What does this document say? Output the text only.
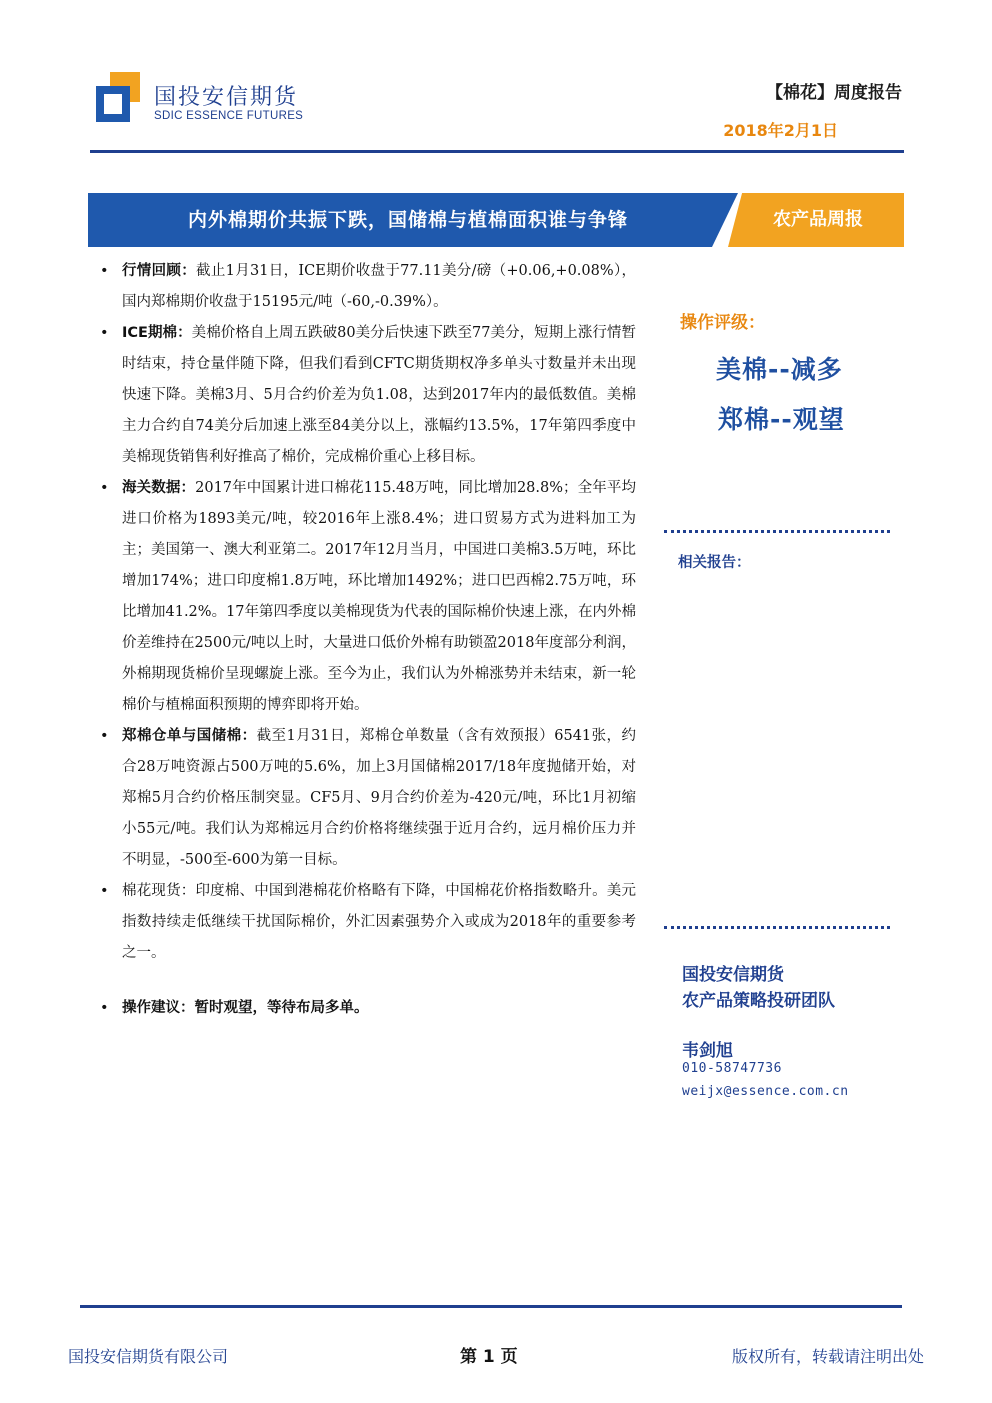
国投安信期货
SDIC ESSENCE FUTURES
【棉花】周度报告
2018年2月1日
内外棉期价共振下跌，国储棉与植棉面积谁与争锋	农产品周报
• 行情回顾：截止1月31日，ICE期价收盘于77.11美分/磅（+0.06,+0.08%），国内郑棉期价收盘于15195元/吨（-60,-0.39%）。
• ICE期棉：美棉价格自上周五跌破80美分后快速下跌至77美分，短期上涨行情暂时结束，持仓量伴随下降，但我们看到CFTC期货期权净多单头寸数量并未出现快速下降。美棉3月、5月合约价差为负1.08，达到2017年内的最低数值。美棉主力合约自74美分后加速上涨至84美分以上，涨幅约13.5%，17年第四季度中美棉现货销售利好推高了棉价，完成棉价重心上移目标。
• 海关数据：2017年中国累计进口棉花115.48万吨，同比增加28.8%；全年平均进口价格为1893美元/吨，较2016年上涨8.4%；进口贸易方式为进料加工为主；美国第一、澳大利亚第二。2017年12月当月，中国进口美棉3.5万吨，环比增加174%；进口印度棉1.8万吨，环比增加1492%；进口巴西棉2.75万吨，环比增加41.2%。17年第四季度以美棉现货为代表的国际棉价快速上涨，在内外棉价差维持在2500元/吨以上时，大量进口低价外棉有助锁盈2018年度部分利润，外棉期现货棉价呈现螺旋上涨。至今为止，我们认为外棉涨势并未结束，新一轮棉价与植棉面积预期的博弈即将开始。
• 郑棉仓单与国储棉：截至1月31日，郑棉仓单数量（含有效预报）6541张，约合28万吨资源占500万吨的5.6%，加上3月国储棉2017/18年度抛储开始，对郑棉5月合约价格压制突显。CF5月、9月合约价差为-420元/吨，环比1月初缩小55元/吨。我们认为郑棉远月合约价格将继续强于近月合约，远月棉价压力并不明显，-500至-600为第一目标。
• 棉花现货：印度棉、中国到港棉花价格略有下降，中国棉花价格指数略升。美元指数持续走低继续干扰国际棉价，外汇因素强势介入或成为2018年的重要参考之一。
• 操作建议：暂时观望，等待布局多单。
操作评级：
美棉--减多
郑棉--观望
相关报告：
国投安信期货
农产品策略投研团队
韦剑旭
010-58747736
weijx@essence.com.cn
国投安信期货有限公司	第 1 页	版权所有，转载请注明出处
